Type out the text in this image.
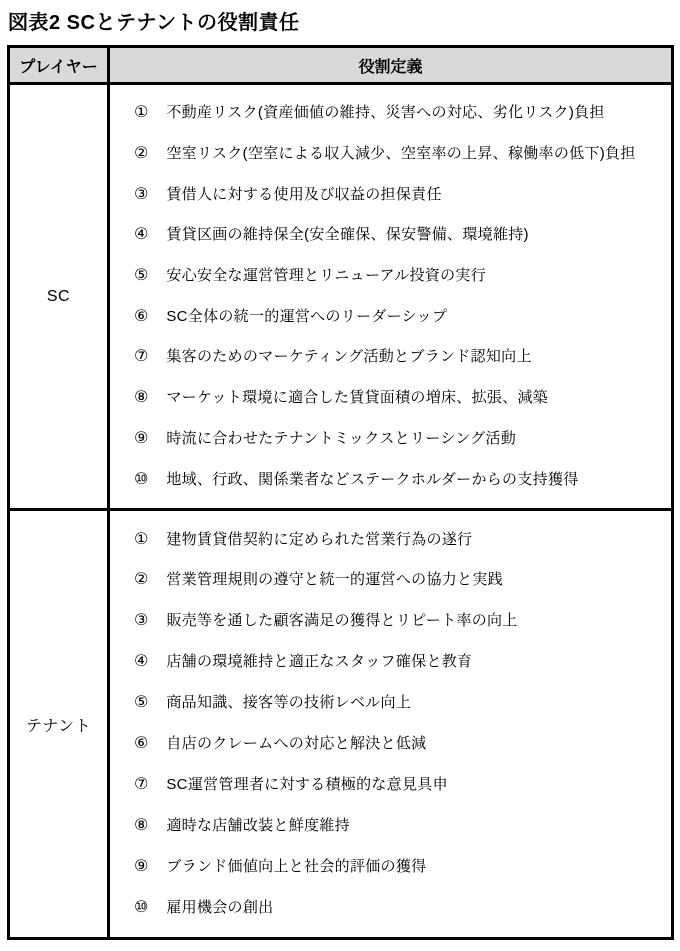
図表2 SCとテナントの役割責任
プレイヤー	役割定義
SC
① 不動産リスク(資産価値の維持、災害への対応、劣化リスク)負担
② 空室リスク(空室による収入減少、空室率の上昇、稼働率の低下)負担
③ 賃借人に対する使用及び収益の担保責任
④ 賃貸区画の維持保全(安全確保、保安警備、環境維持)
⑤ 安心安全な運営管理とリニューアル投資の実行
⑥ SC全体の統一的運営へのリーダーシップ
⑦ 集客のためのマーケティング活動とブランド認知向上
⑧ マーケット環境に適合した賃貸面積の増床、拡張、減築
⑨ 時流に合わせたテナントミックスとリーシング活動
⑩ 地域、行政、関係業者などステークホルダーからの支持獲得
テナント
① 建物賃貸借契約に定められた営業行為の遂行
② 営業管理規則の遵守と統一的運営への協力と実践
③ 販売等を通した顧客満足の獲得とリピート率の向上
④ 店舗の環境維持と適正なスタッフ確保と教育
⑤ 商品知識、接客等の技術レベル向上
⑥ 自店のクレームへの対応と解決と低減
⑦ SC運営管理者に対する積極的な意見具申
⑧ 適時な店舗改装と鮮度維持
⑨ ブランド価値向上と社会的評価の獲得
⑩ 雇用機会の創出
